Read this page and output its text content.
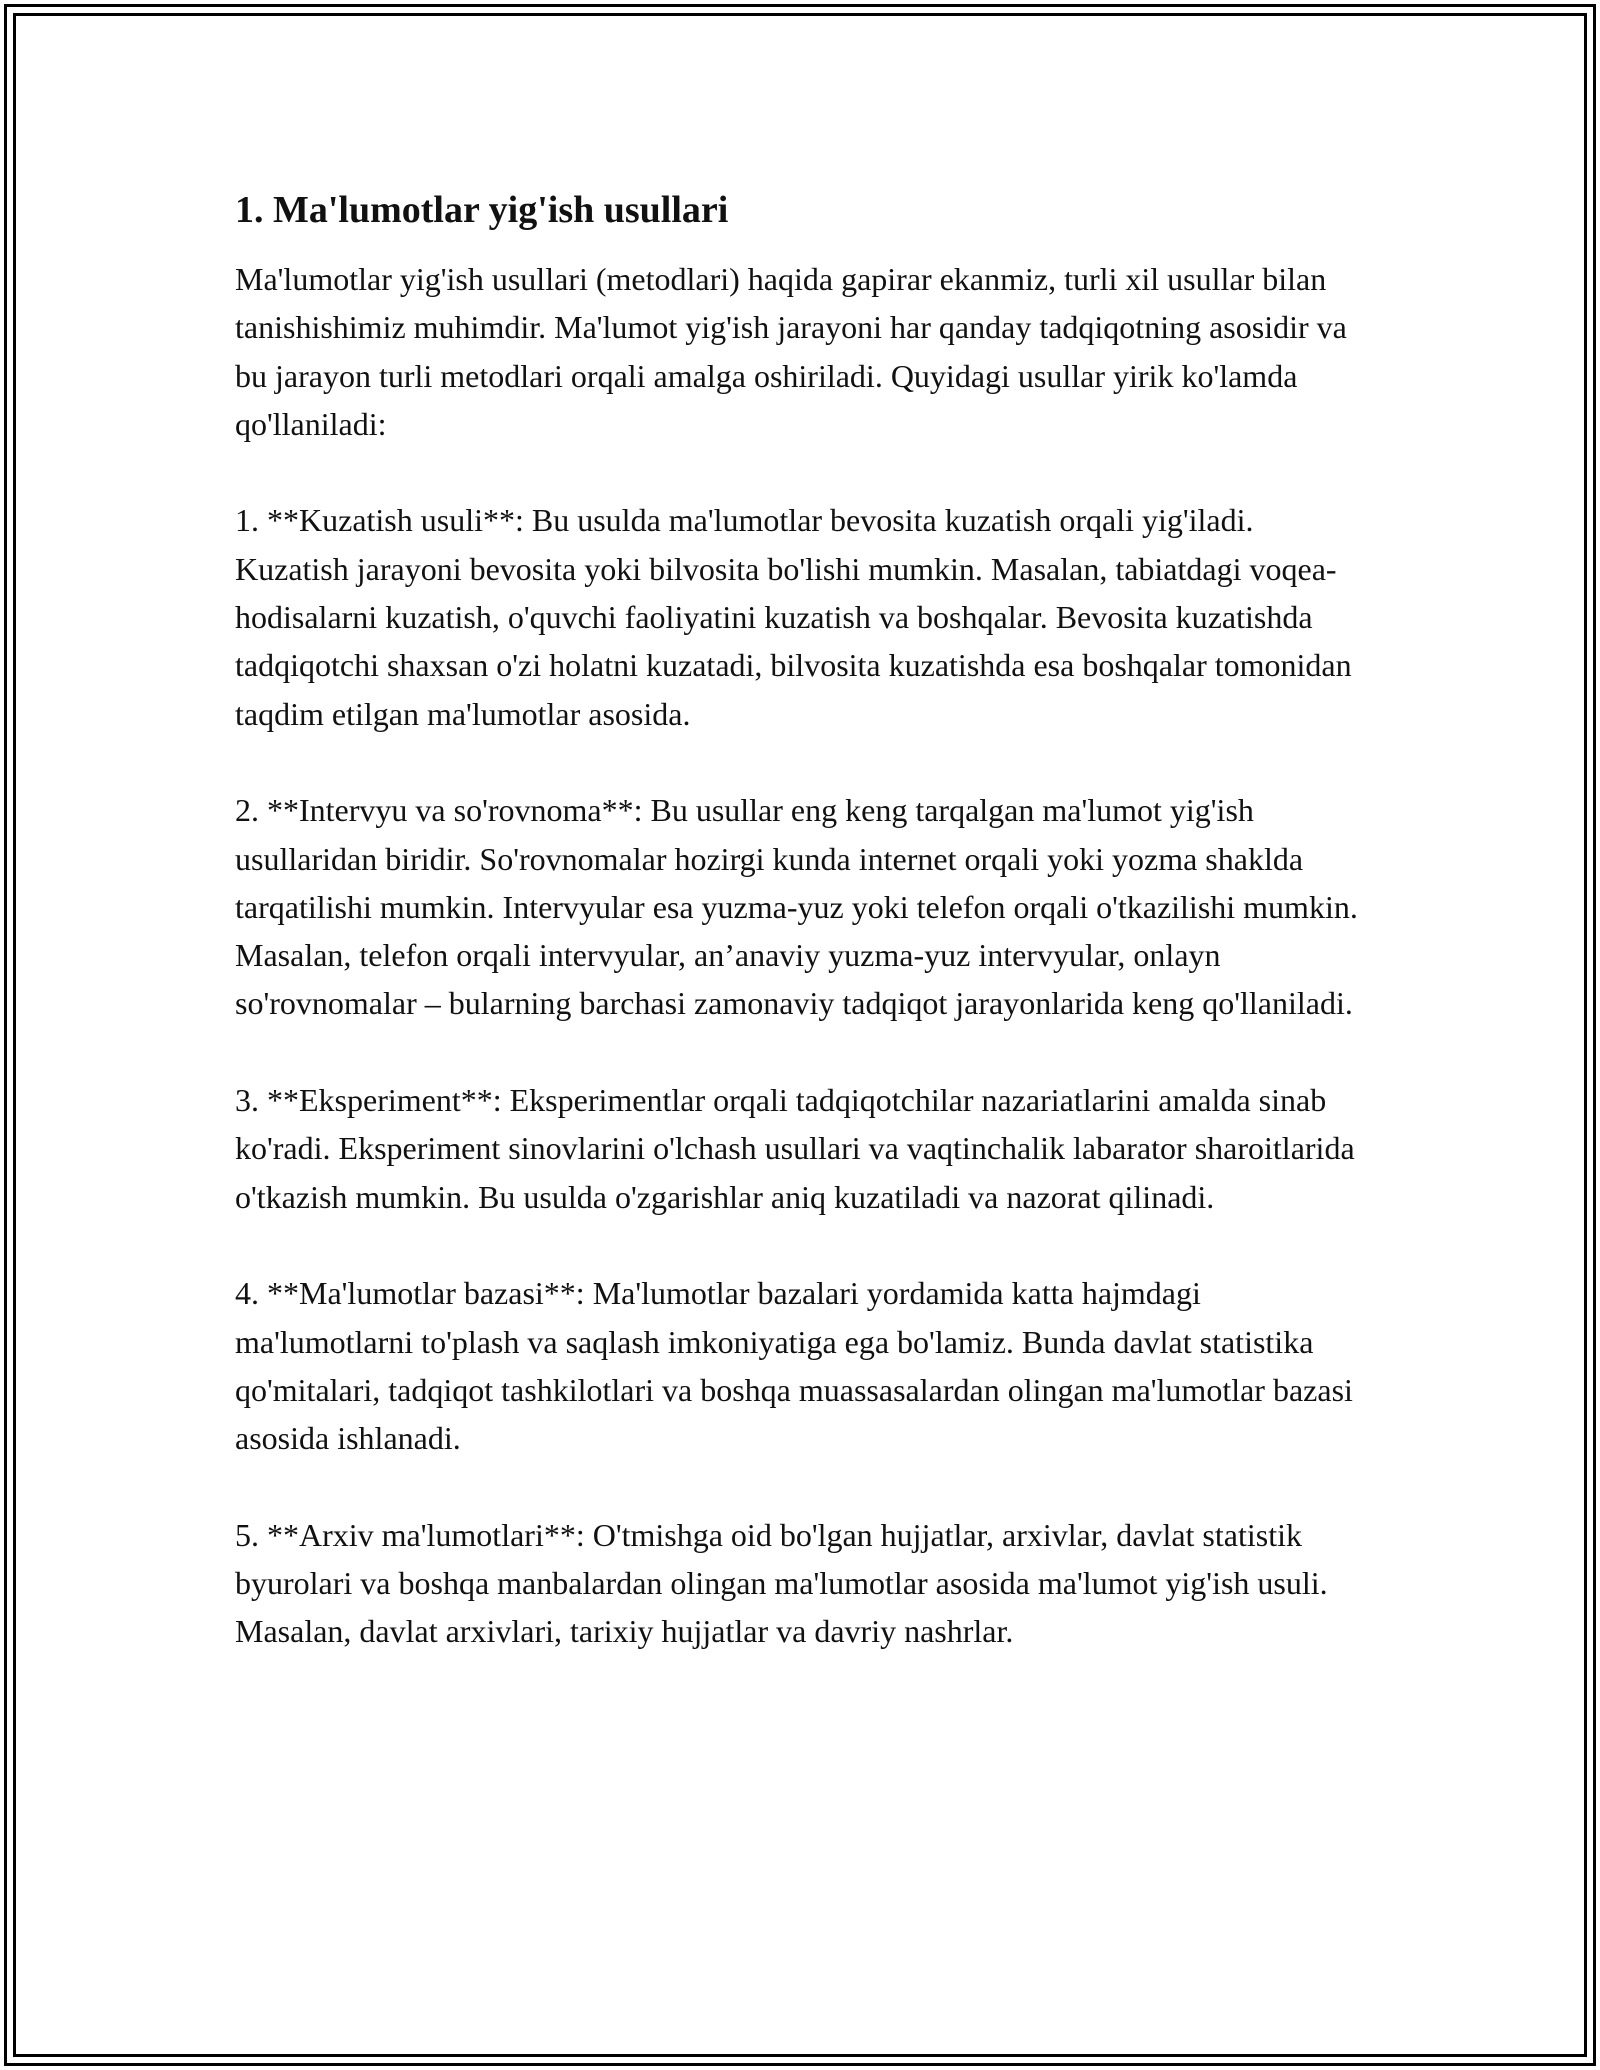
1. Ma'lumotlar yig'ish usullari

Ma'lumotlar yig'ish usullari (metodlari) haqida gapirar ekanmiz, turli xil usullar bilan tanishishimiz muhimdir. Ma'lumot yig'ish jarayoni har qanday tadqiqotning asosidir va bu jarayon turli metodlari orqali amalga oshiriladi. Quyidagi usullar yirik ko'lamda qo'llaniladi:

1. **Kuzatish usuli**: Bu usulda ma'lumotlar bevosita kuzatish orqali yig'iladi. Kuzatish jarayoni bevosita yoki bilvosita bo'lishi mumkin. Masalan, tabiatdagi voqea-hodisalarni kuzatish, o'quvchi faoliyatini kuzatish va boshqalar. Bevosita kuzatishda tadqiqotchi shaxsan o'zi holatni kuzatadi, bilvosita kuzatishda esa boshqalar tomonidan taqdim etilgan ma'lumotlar asosida.

2. **Intervyu va so'rovnoma**: Bu usullar eng keng tarqalgan ma'lumot yig'ish usullaridan biridir. So'rovnomalar hozirgi kunda internet orqali yoki yozma shaklda tarqatilishi mumkin. Intervyular esa yuzma-yuz yoki telefon orqali o'tkazilishi mumkin. Masalan, telefon orqali intervyular, an’anaviy yuzma-yuz intervyular, onlayn so'rovnomalar – bularning barchasi zamonaviy tadqiqot jarayonlarida keng qo'llaniladi.

3. **Eksperiment**: Eksperimentlar orqali tadqiqotchilar nazariatlarini amalda sinab ko'radi. Eksperiment sinovlarini o'lchash usullari va vaqtinchalik labarator sharoitlarida o'tkazish mumkin. Bu usulda o'zgarishlar aniq kuzatiladi va nazorat qilinadi.

4. **Ma'lumotlar bazasi**: Ma'lumotlar bazalari yordamida katta hajmdagi ma'lumotlarni to'plash va saqlash imkoniyatiga ega bo'lamiz. Bunda davlat statistika qo'mitalari, tadqiqot tashkilotlari va boshqa muassasalardan olingan ma'lumotlar bazasi asosida ishlanadi.

5. **Arxiv ma'lumotlari**: O'tmishga oid bo'lgan hujjatlar, arxivlar, davlat statistik byurolari va boshqa manbalardan olingan ma'lumotlar asosida ma'lumot yig'ish usuli. Masalan, davlat arxivlari, tarixiy hujjatlar va davriy nashrlar.
